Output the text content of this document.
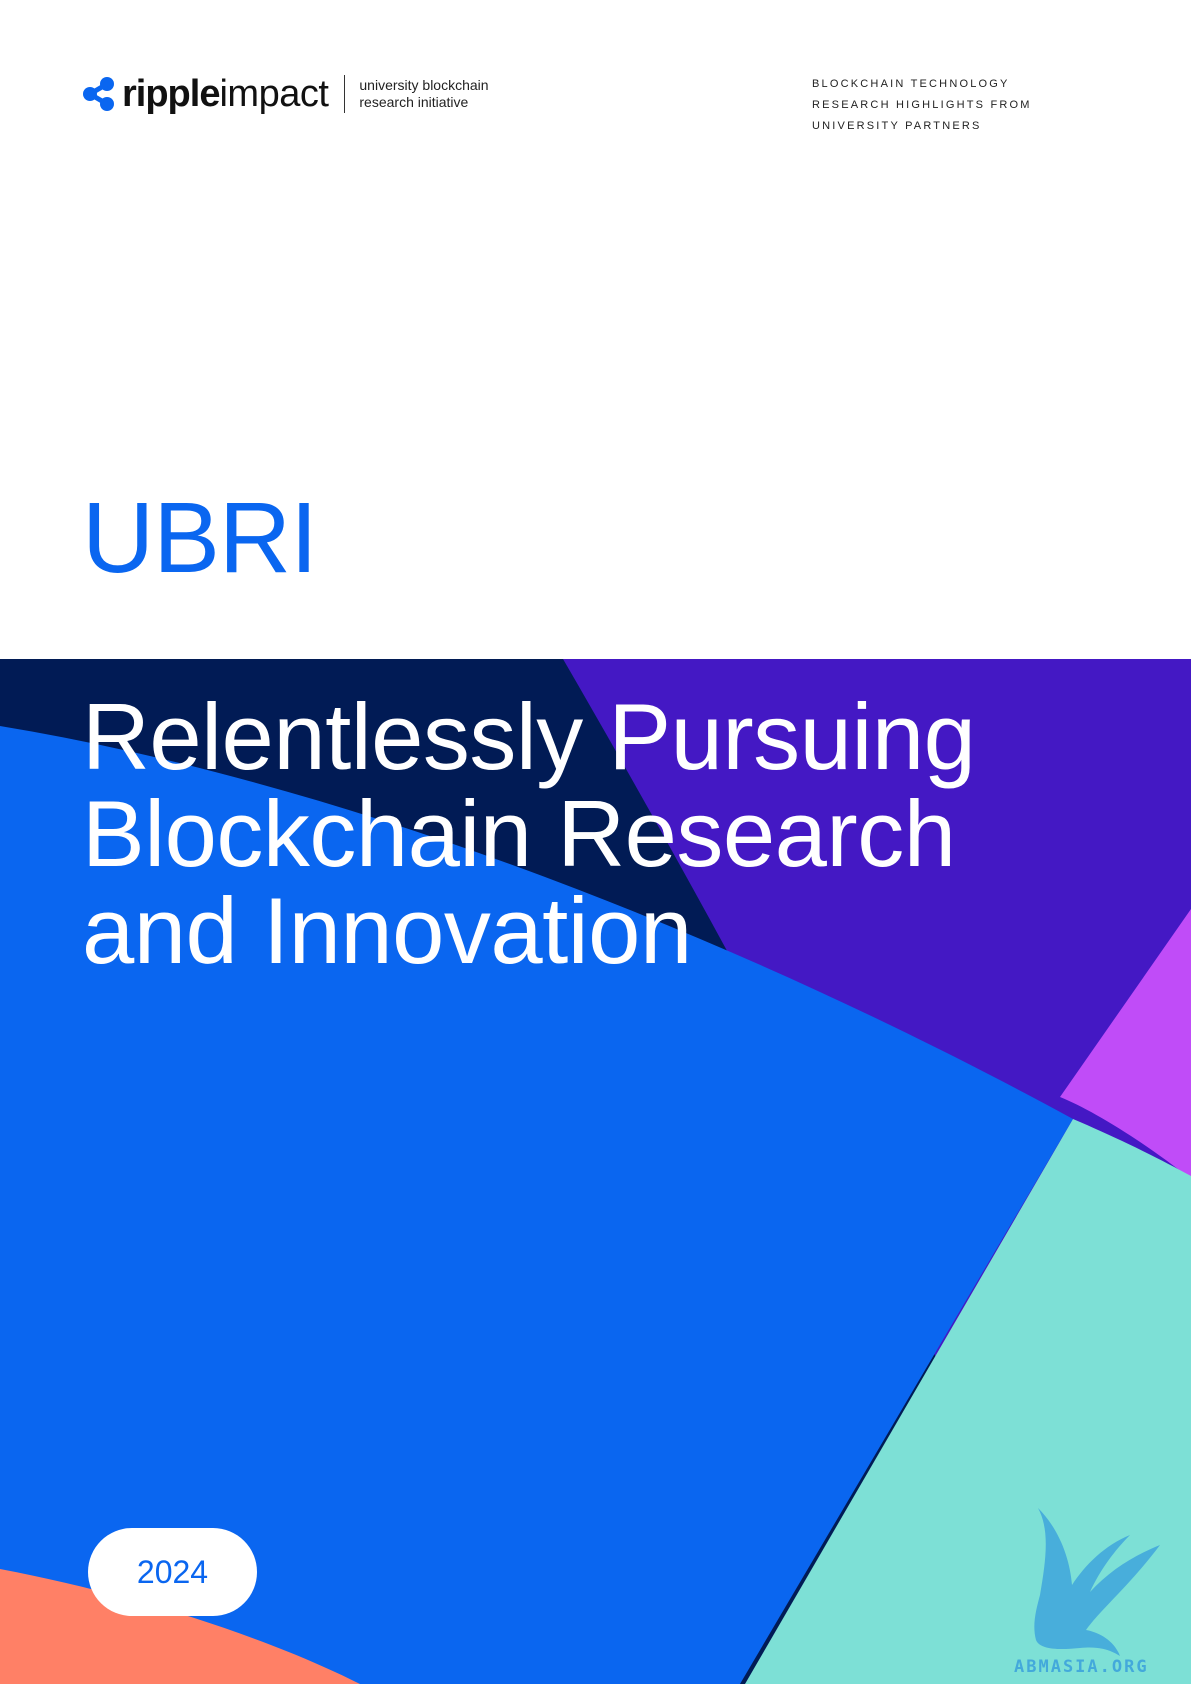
ripple impact university blockchain
research initiative
BLOCKCHAIN TECHNOLOGY
RESEARCH HIGHLIGHTS FROM
UNIVERSITY PARTNERS
UBRI
Relentlessly Pursuing
Blockchain Research
and Innovation
2024
ABMASIA.ORG
